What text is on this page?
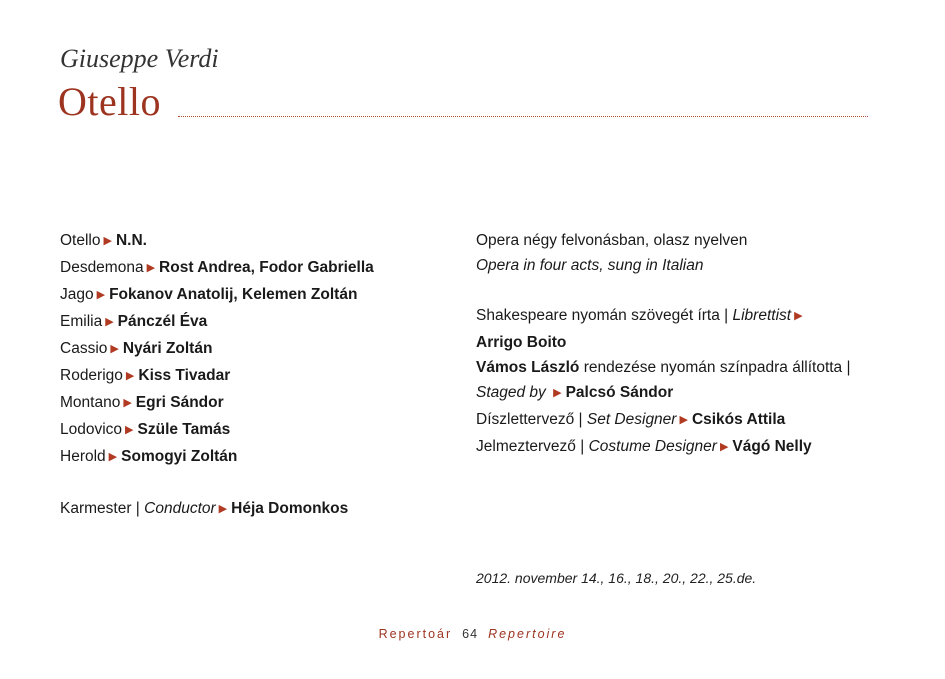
Giuseppe Verdi
Otello
Otello ▶ N.N.
Desdemona ▶ Rost Andrea, Fodor Gabriella
Jago ▶ Fokanov Anatolij, Kelemen Zoltán
Emilia ▶ Pánczél Éva
Cassio ▶ Nyári Zoltán
Roderigo ▶ Kiss Tivadar
Montano ▶ Egri Sándor
Lodovico ▶ Szüle Tamás
Herold ▶ Somogyi Zoltán
Karmester | Conductor ▶ Héja Domonkos
Opera négy felvonásban, olasz nyelven
Opera in four acts, sung in Italian
Shakespeare nyomán szövegét írta | Librettist ▶
Arrigo Boito
Vámos László rendezése nyomán színpadra állította |
Staged by ▶ Palcsó Sándor
Díszlettervező | Set Designer ▶ Csikós Attila
Jelmeztervező | Costume Designer ▶ Vágó Nelly
2012. november 14., 16., 18., 20., 22., 25.de.
Repertoár 64 Repertoire
